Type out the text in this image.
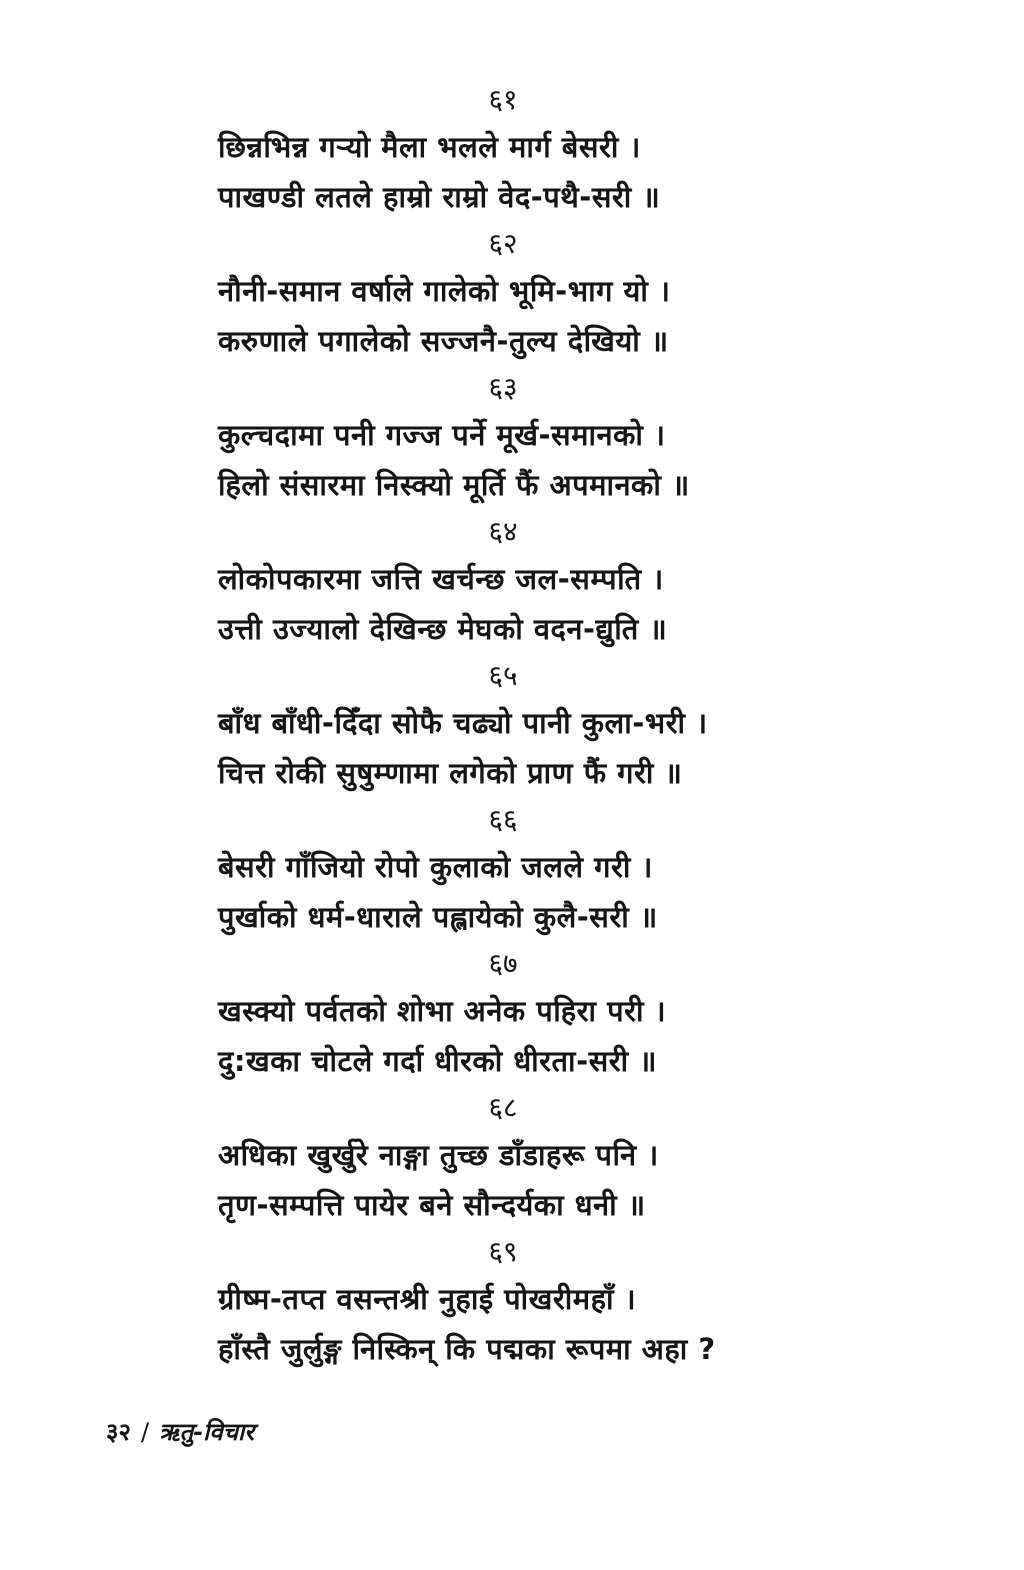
६१
छिन्नभिन्न गऱ्यो मैला भलले मार्ग बेसरी ।
पाखण्डी लतले हाम्रो राम्रो वेद-पथै-सरी ॥
६२
नौनी-समान वर्षाले गालेको भूमि-भाग यो ।
करुणाले पगालेको सज्जनै-तुल्य देखियो ॥
६३
कुल्चदामा पनी गज्ज पर्ने मूर्ख-समानको ।
हिलो संसारमा निस्क्यो मूर्ति फैं अपमानको ॥
६४
लोकोपकारमा जत्ति खर्चन्छ जल-सम्पति ।
उत्ती उज्यालो देखिन्छ मेघको वदन-द्युति ॥
६५
बाँध बाँधी-दिँदा सोफै चढ्यो पानी कुला-भरी ।
चित्त रोकी सुषुम्णामा लगेको प्राण फैं गरी ॥
६६
बेसरी गाँजियो रोपो कुलाको जलले गरी ।
पुर्खाको धर्म-धाराले पह्लायेको कुलै-सरी ॥
६७
खस्क्यो पर्वतको शोभा अनेक पहिरा परी ।
दु:खका चोटले गर्दा धीरको धीरता-सरी ॥
६८
अधिका खुर्खुरे नाङ्गा तुच्छ डाँडाहरू पनि ।
तृण-सम्पत्ति पायेर बने सौन्दर्यका धनी ॥
६९
ग्रीष्म-तप्त वसन्तश्री नुहाई पोखरीमहाँ ।
हाँस्तै जुर्लुङ्ग निस्किन् कि पद्मका रूपमा अहा ?
३२ / ऋतु-विचार
